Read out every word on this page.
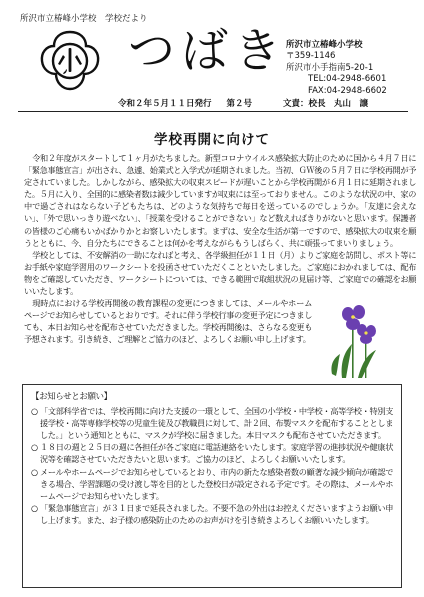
所沢市立椿峰小学校　学校だより
つばき 所沢市立椿峰小学校
〒359-1146
所沢市小手指南5-20-1
TEL:04-2948-6601
FAX:04-2948-6602
令和２年５月１１日発行 第２号	文責：校長　丸山　譲
学校再開に向けて

令和２年度がスタートして１ヶ月がたちました。新型コロナウイルス感染拡大防止のために国から４月７日に「緊急事態宣言」が出され、急遽、始業式と入学式が延期されました。当初、ＧＷ後の５月７日に学校再開が予定されていました。しかしながら、感染拡大の収束スピードが遅いことから学校再開が６月１日に延期されました。５月に入り、全国的に感染者数は減少していますが収束には至っておりません。このような状況の中、家の中で過ごされはならない子どもたちは、どのような気持ちで毎日を送っているのでしょうか。「友達に会えない」、「外で思いっきり遊べない」、「授業を受けることができない」など数えればきりがないと思います。保護者の皆様のご心痛もいかばかりかとお察しいたします。まずは、安全な生活が第一ですので、感染拡大の収束を願うとともに、今、自分たちにできることは何かを考えながらもうしばらく、共に頑張ってまいりましょう。

学校としては、不安解消の一助になればと考え、各学級担任が１１日（月）よりご家庭を訪問し、ポスト等にお手紙や家庭学習用のワークシートを投函させていただくことといたしました。ご家庭におかれましては、配布物をご確認していただき、ワークシートについては、できる範囲で取組状況の見届け等、ご家庭での確認をお願いいたします。

現時点における学校再開後の教育課程の変更につきましては、メールやホームページでお知らせしているとおりです。それに伴う学校行事の変更予定につきましても、本日お知らせを配布させていただきました。学校再開後は、さらなる変更も予想されます。引き続き、ご理解とご協力のほど、よろしくお願い申し上げます。

【お知らせとお願い】
○ 「文部科学省では、学校再開に向けた支援の一環として、全国の小学校・中学校・高等学校・特別支援学校・高等専修学校等の児童生徒及び教職員に対して、計２回、布製マスクを配布することとしました。」という通知とともに、マスクが学校に届きました。本日マスクも配布させていただきます。
○ １８日の週と２５日の週に各担任が各ご家庭に電話連絡をいたします。家庭学習の進捗状況や健康状況等を確認させていただきたいと思います。ご協力のほど、よろしくお願いいたします。
○ メールやホームページでお知らせしているとおり、市内の新たな感染者数の顧著な減少傾向が確認できる場合、学習課題の受け渡し等を目的とした登校日が設定される予定です。その際は、メールやホームページでお知らせいたします。
○ 「緊急事態宣言」が３１日まで延長されました。不要不急の外出はお控えくださいますようお願い申し上げます。また、お子様の感染防止のためのお声がけを引き続きよろしくお願いいたします。
